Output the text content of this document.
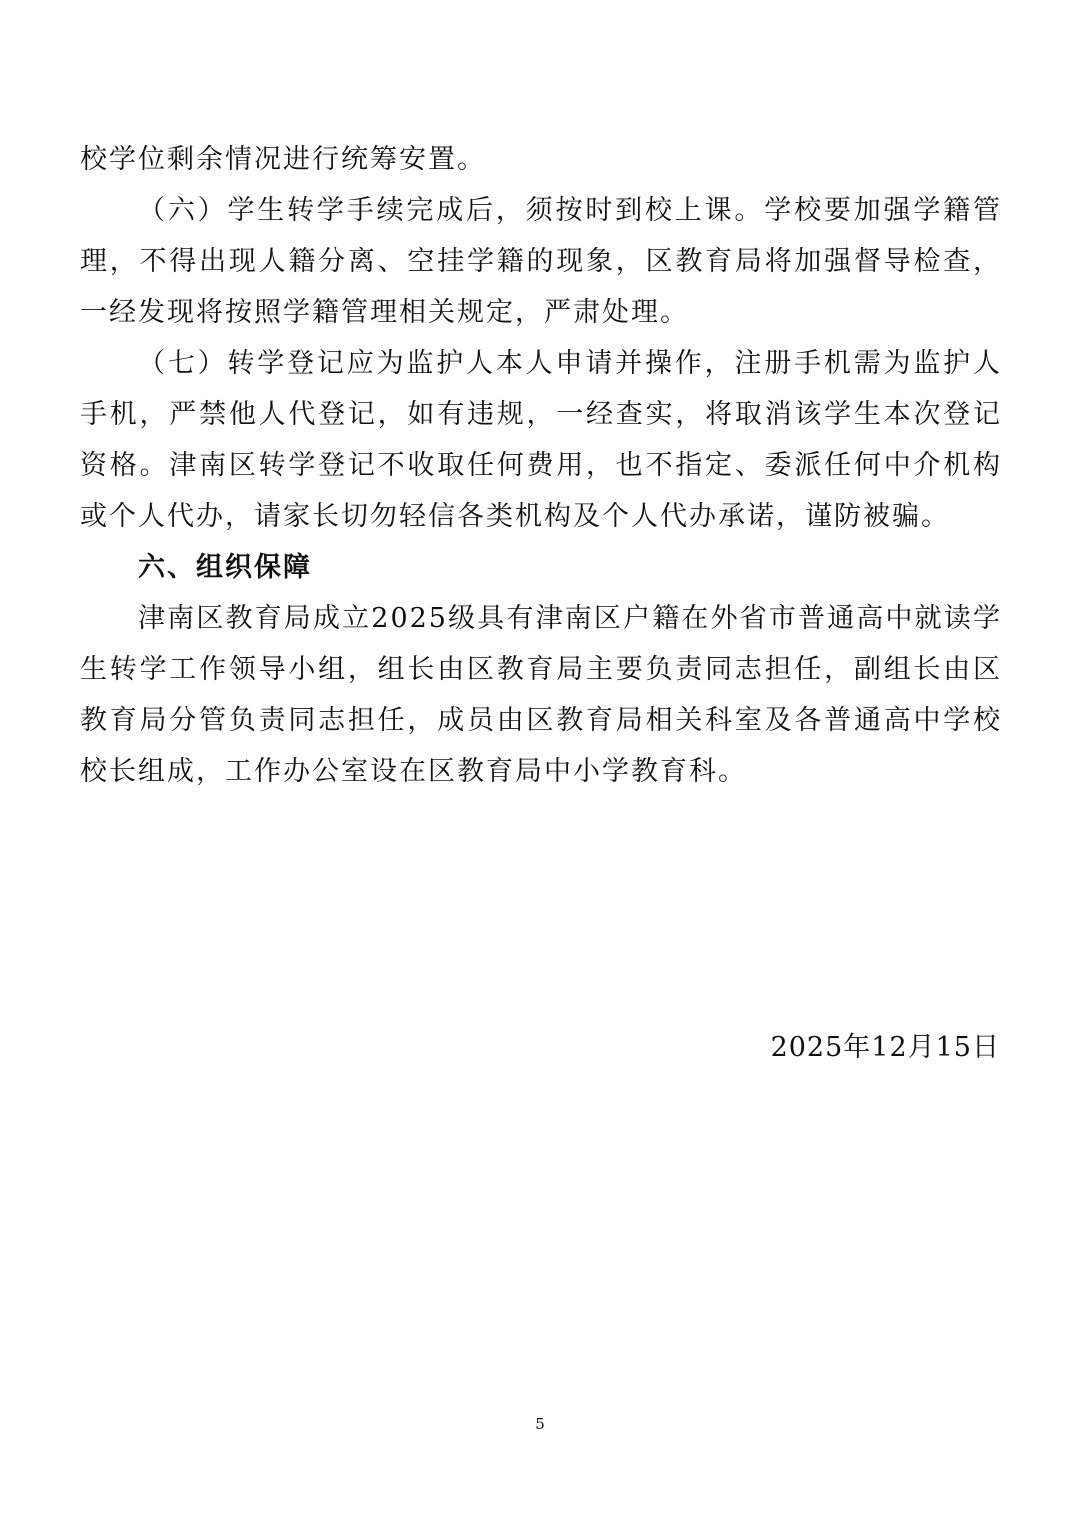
校学位剩余情况进行统筹安置。

（六）学生转学手续完成后，须按时到校上课。学校要加强学籍管理，不得出现人籍分离、空挂学籍的现象，区教育局将加强督导检查，一经发现将按照学籍管理相关规定，严肃处理。

（七）转学登记应为监护人本人申请并操作，注册手机需为监护人手机，严禁他人代登记，如有违规，一经查实，将取消该学生本次登记资格。津南区转学登记不收取任何费用，也不指定、委派任何中介机构或个人代办，请家长切勿轻信各类机构及个人代办承诺，谨防被骗。

六、组织保障

津南区教育局成立2025级具有津南区户籍在外省市普通高中就读学生转学工作领导小组，组长由区教育局主要负责同志担任，副组长由区教育局分管负责同志担任，成员由区教育局相关科室及各普通高中学校校长组成，工作办公室设在区教育局中小学教育科。

2025年12月15日
5
